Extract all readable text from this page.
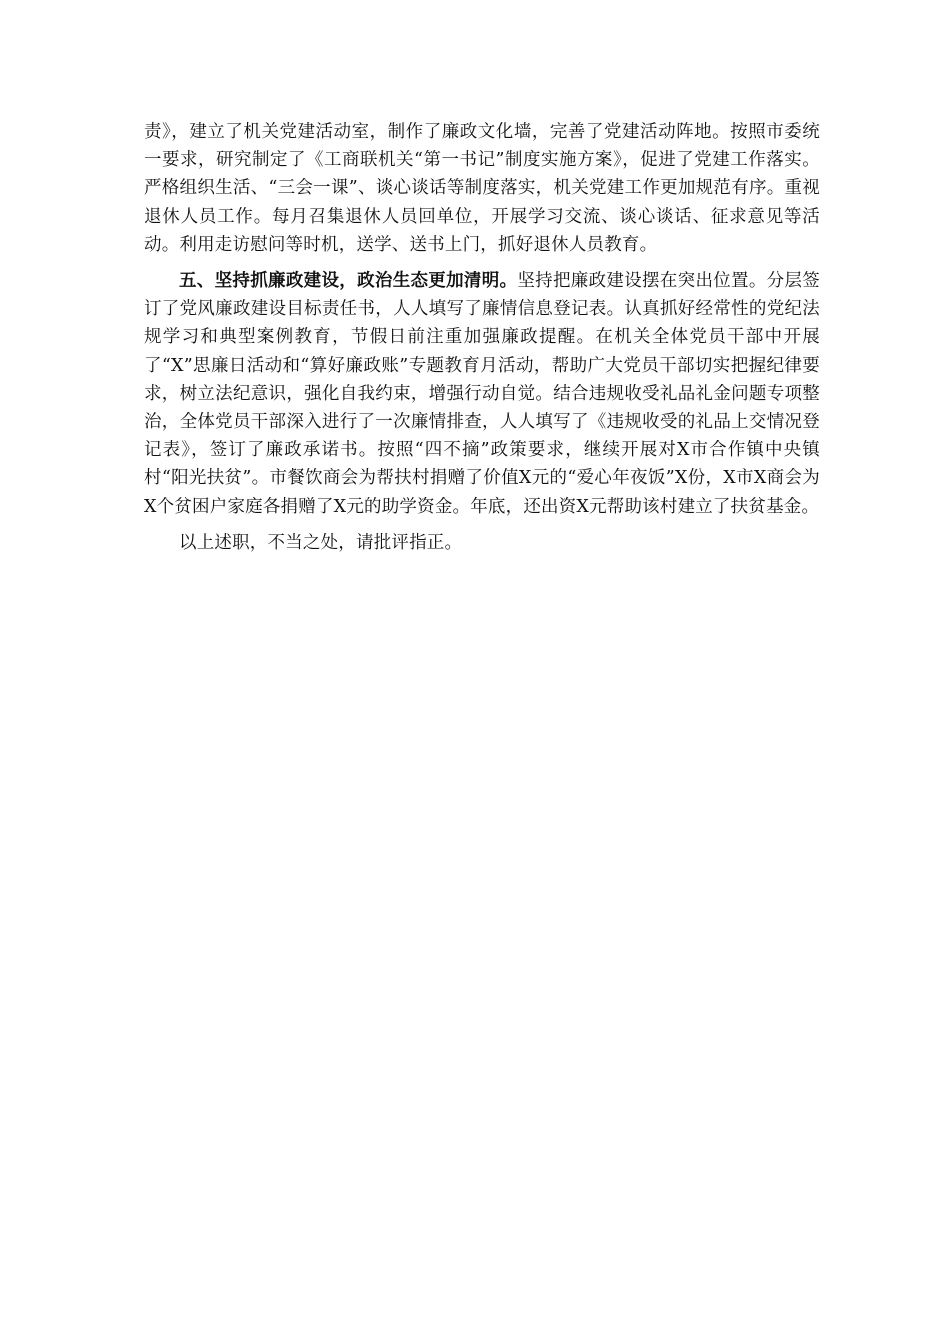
责》，建立了机关党建活动室，制作了廉政文化墙，完善了党建活动阵地。按照市委统一要求，研究制定了《工商联机关“第一书记”制度实施方案》，促进了党建工作落实。严格组织生活、“三会一课”、谈心谈话等制度落实，机关党建工作更加规范有序。重视退休人员工作。每月召集退休人员回单位，开展学习交流、谈心谈话、征求意见等活动。利用走访慰问等时机，送学、送书上门，抓好退休人员教育。

五、坚持抓廉政建设，政治生态更加清明。坚持把廉政建设摆在突出位置。分层签订了党风廉政建设目标责任书，人人填写了廉情信息登记表。认真抓好经常性的党纪法规学习和典型案例教育，节假日前注重加强廉政提醒。在机关全体党员干部中开展了“X”思廉日活动和“算好廉政账”专题教育月活动，帮助广大党员干部切实把握纪律要求，树立法纪意识，强化自我约束，增强行动自觉。结合违规收受礼品礼金问题专项整治，全体党员干部深入进行了一次廉情排查，人人填写了《违规收受的礼品上交情况登记表》，签订了廉政承诺书。按照“四不摘”政策要求，继续开展对X市合作镇中央镇村“阳光扶贫”。市餐饮商会为帮扶村捐赠了价值X元的“爱心年夜饭”X份，X市X商会为X个贫困户家庭各捐赠了X元的助学资金。年底，还出资X元帮助该村建立了扶贫基金。

以上述职，不当之处，请批评指正。
